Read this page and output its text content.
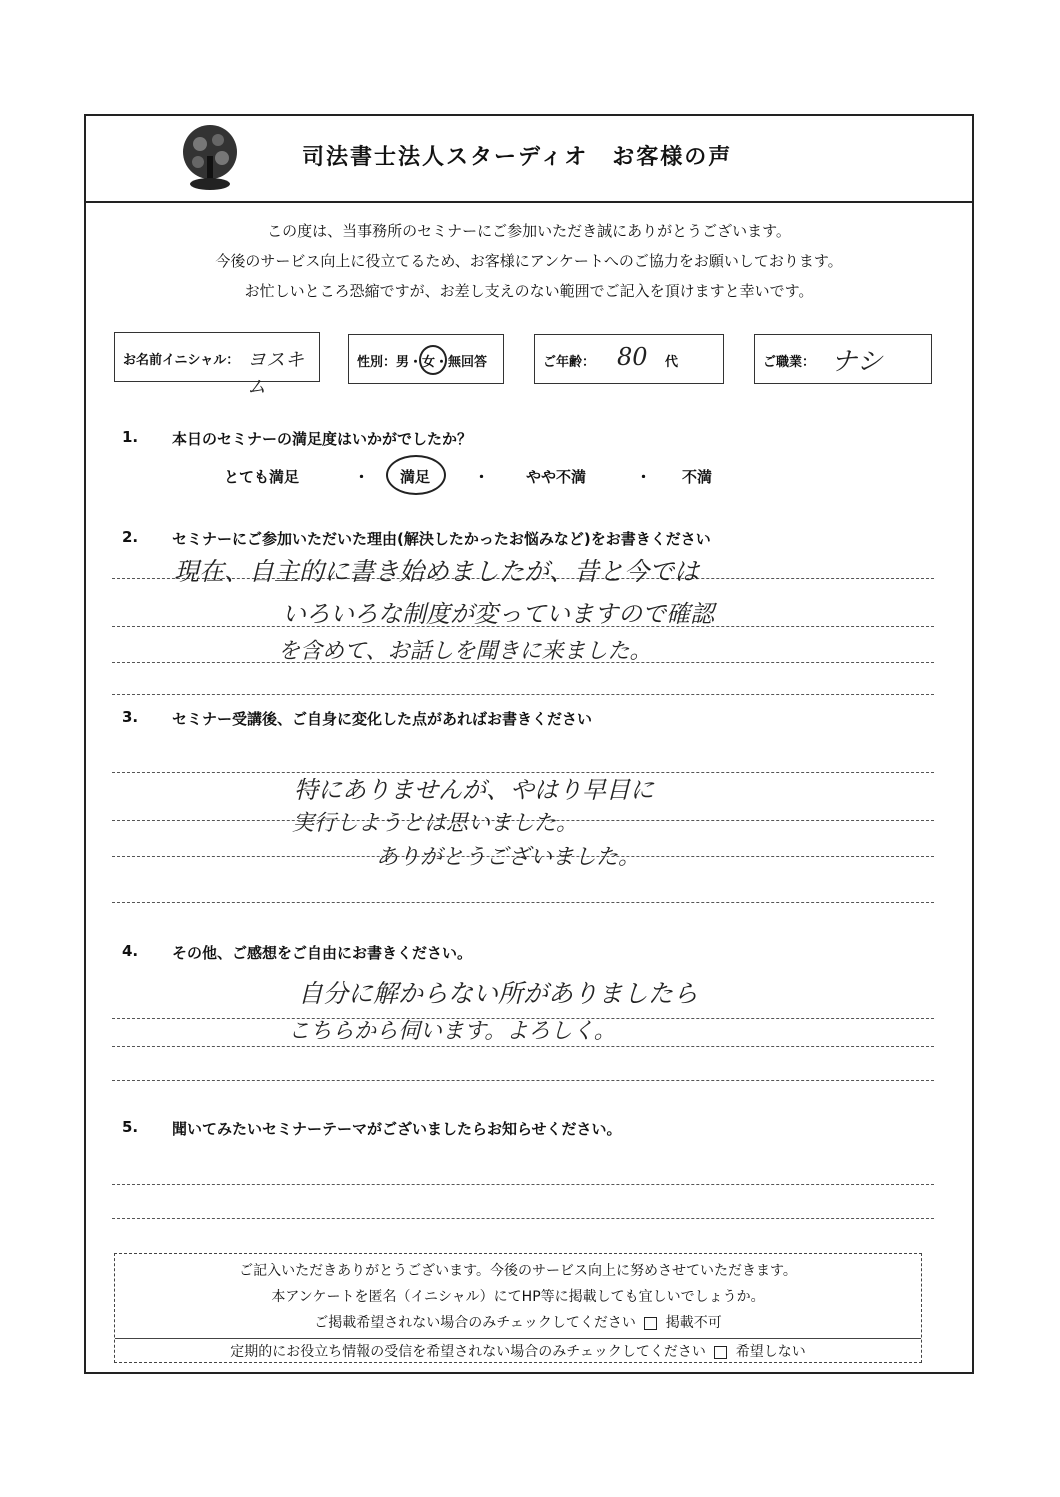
司法書士法人スターディオ　お客様の声
この度は、当事務所のセミナーにご参加いただき誠にありがとうございます。
今後のサービス向上に役立てるため、お客様にアンケートへのご協力をお願いしております。
お忙しいところ恐縮ですが、お差し支えのない範囲でご記入を頂けますと幸いです。
お名前イニシャル： ヨスキム
性別：男・女・無回答	ご年齢： 80 代	ご職業： ナシ
1. 本日のセミナーの満足度はいかがでしたか？
とても満足	・ 満足	・ やや不満	・ 不満
2. セミナーにご参加いただいた理由(解決したかったお悩みなど)をお書きください
現在、自主的に書き始めましたが、昔と今では
いろいろな制度が変っていますので確認
を含めて、お話しを聞きに来ました。
3. セミナー受講後、ご自身に変化した点があればお書きください
特にありませんが、やはり早目に
実行しようとは思いました。
ありがとうございました。
4. その他、ご感想をご自由にお書きください。
自分に解からない所がありましたら
こちらから伺います。よろしく。
5. 聞いてみたいセミナーテーマがございましたらお知らせください。
ご記入いただきありがとうございます。今後のサービス向上に努めさせていただきます。
本アンケートを匿名（イニシャル）にてHP等に掲載しても宜しいでしょうか。
ご掲載希望されない場合のみチェックしてください 掲載不可
定期的にお役立ち情報の受信を希望されない場合のみチェックしてください 希望しない
